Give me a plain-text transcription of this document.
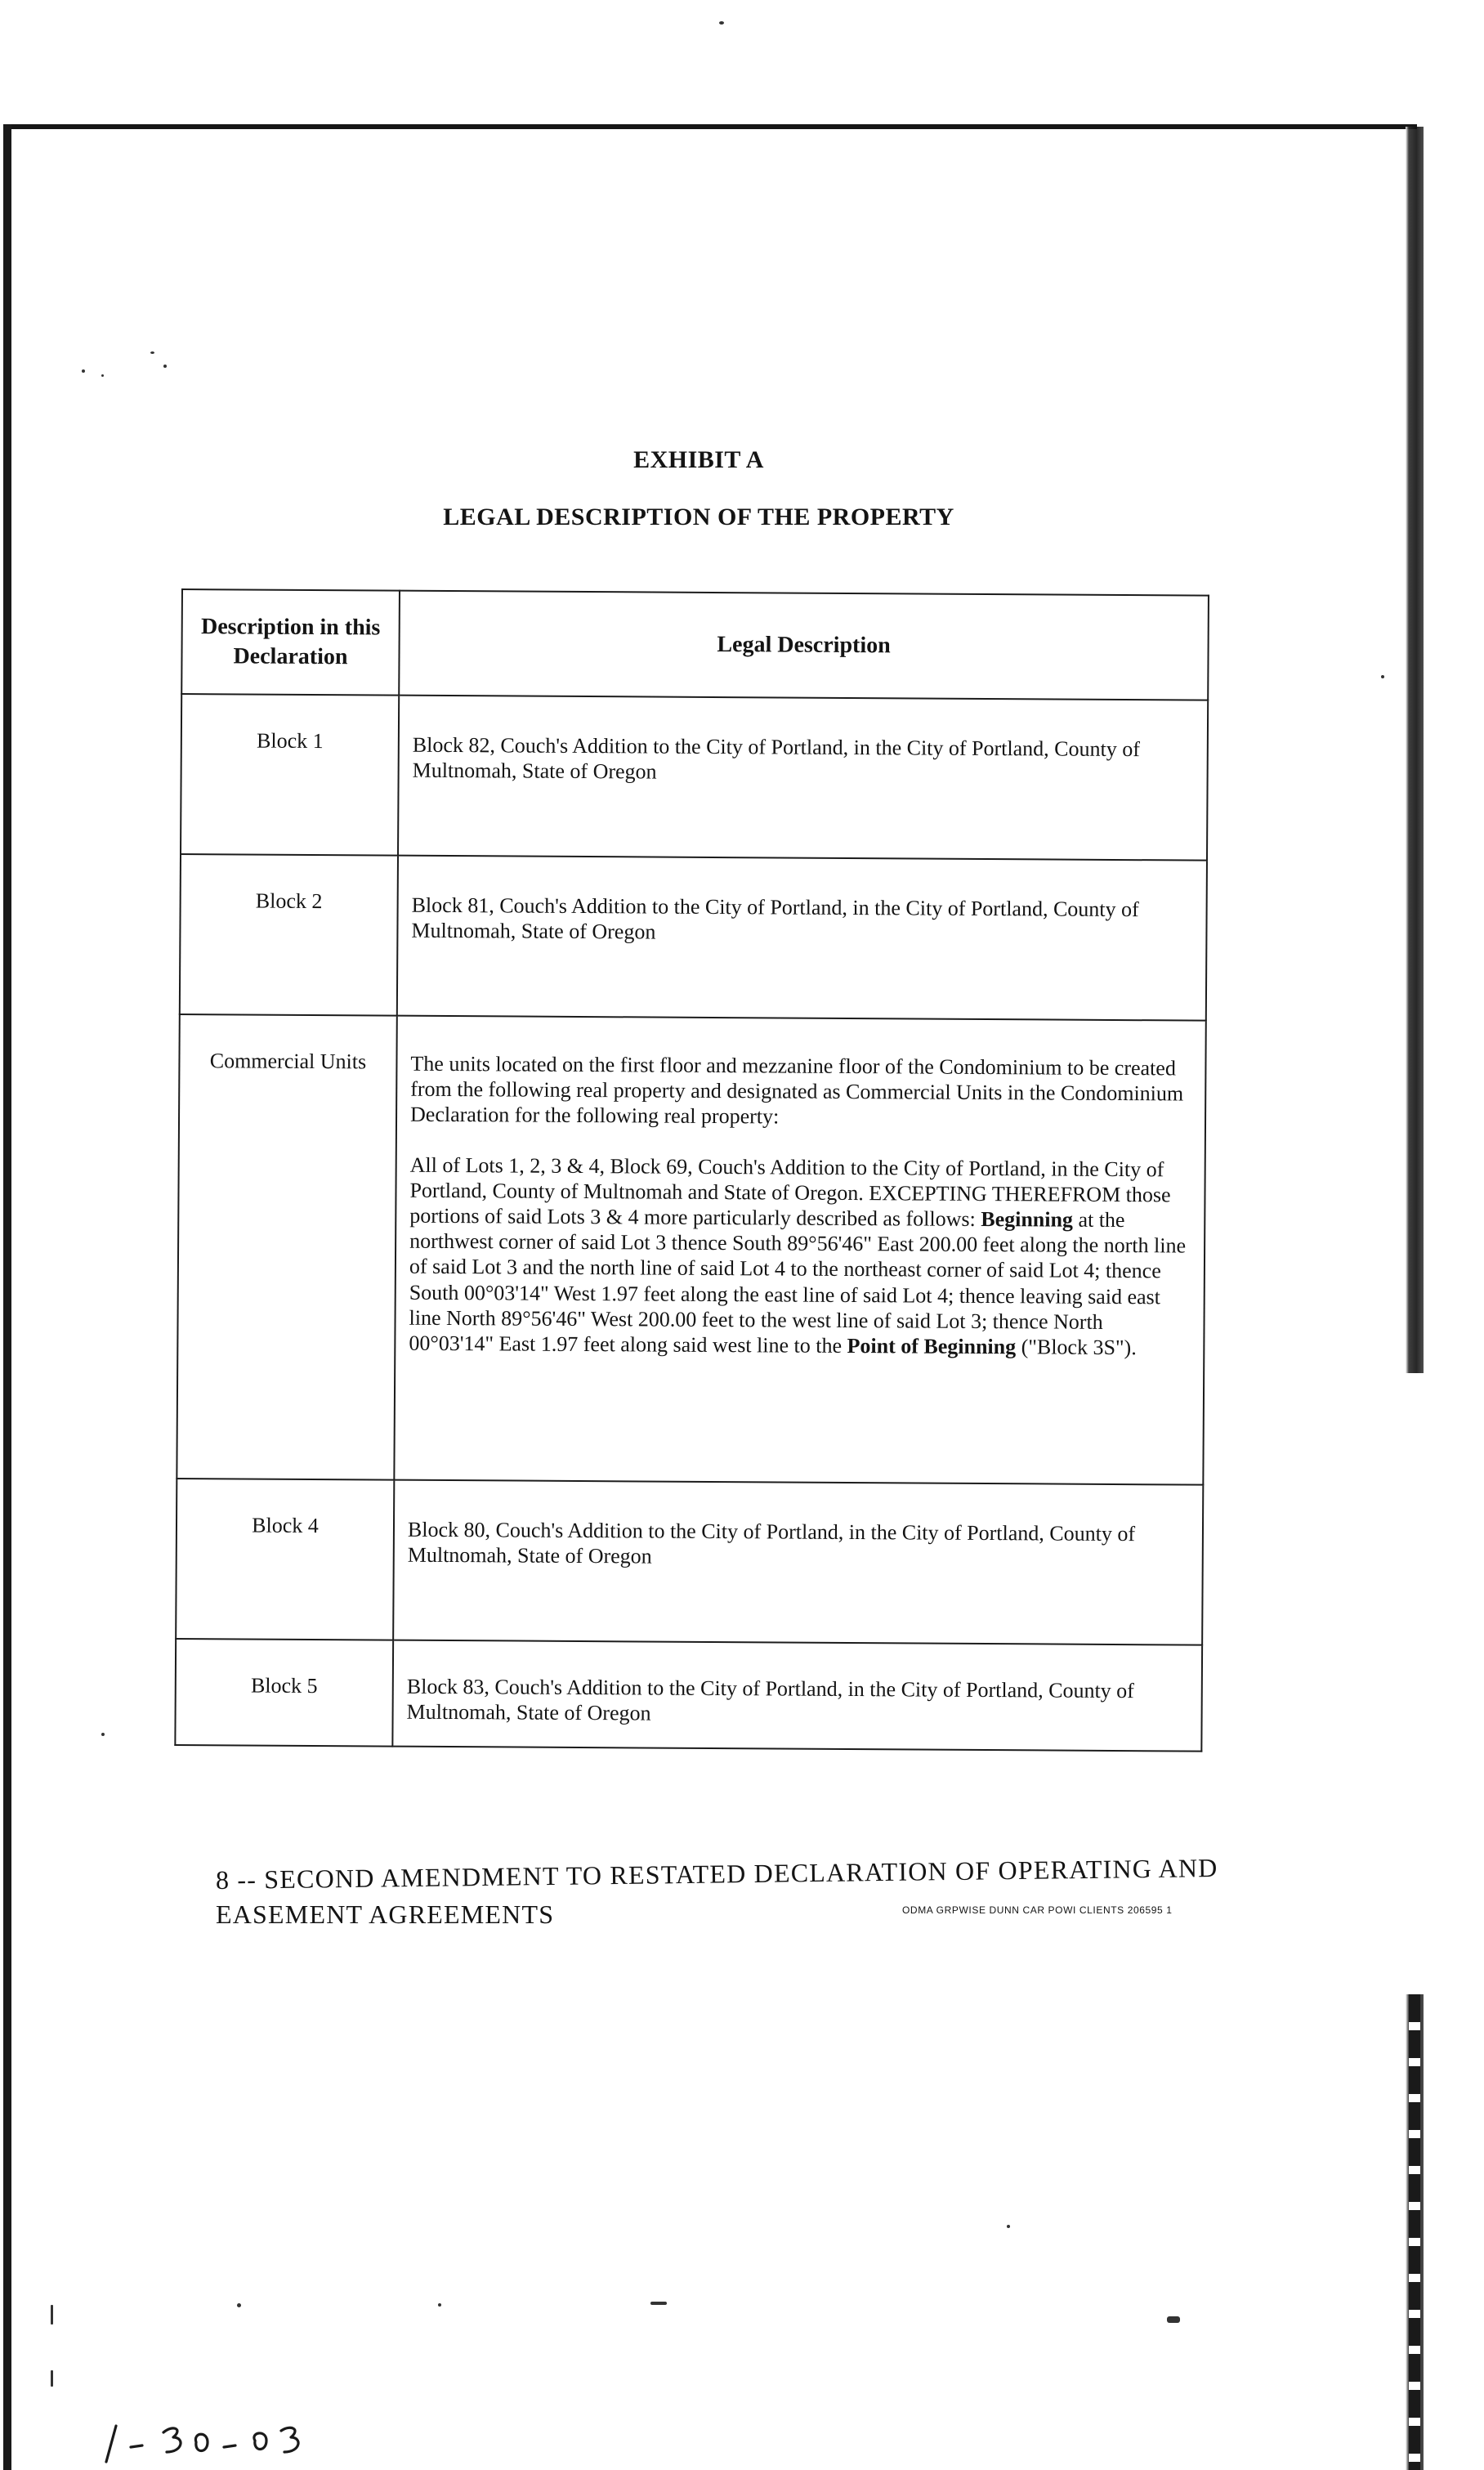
EXHIBIT A
LEGAL DESCRIPTION OF THE PROPERTY
Description in this Declaration	Legal Description
Block 1	Block 82, Couch's Addition to the City of Portland, in the City of Portland, County of Multnomah, State of Oregon
Block 2	Block 81, Couch's Addition to the City of Portland, in the City of Portland, County of Multnomah, State of Oregon
Commercial Units	The units located on the first floor and mezzanine floor of the Condominium to be created from the following real property and designated as Commercial Units in the Condominium Declaration for the following real property:
All of Lots 1, 2, 3 & 4, Block 69, Couch's Addition to the City of Portland, in the City of Portland, County of Multnomah and State of Oregon. EXCEPTING THEREFROM those portions of said Lots 3 & 4 more particularly described as follows: Beginning at the northwest corner of said Lot 3 thence South 89°56'46" East 200.00 feet along the north line of said Lot 3 and the north line of said Lot 4 to the northeast corner of said Lot 4; thence South 00°03'14" West 1.97 feet along the east line of said Lot 4; thence leaving said east line North 89°56'46" West 200.00 feet to the west line of said Lot 3; thence North 00°03'14" East 1.97 feet along said west line to the Point of Beginning ("Block 3S").

Block 4	Block 80, Couch's Addition to the City of Portland, in the City of Portland, County of Multnomah, State of Oregon
Block 5	Block 83, Couch's Addition to the City of Portland, in the City of Portland, County of Multnomah, State of Oregon
8 -- SECOND AMENDMENT TO RESTATED DECLARATION OF OPERATING AND
EASEMENT AGREEMENTS	ODMA GRPWISE DUNN CAR POWI CLIENTS 206595 1
